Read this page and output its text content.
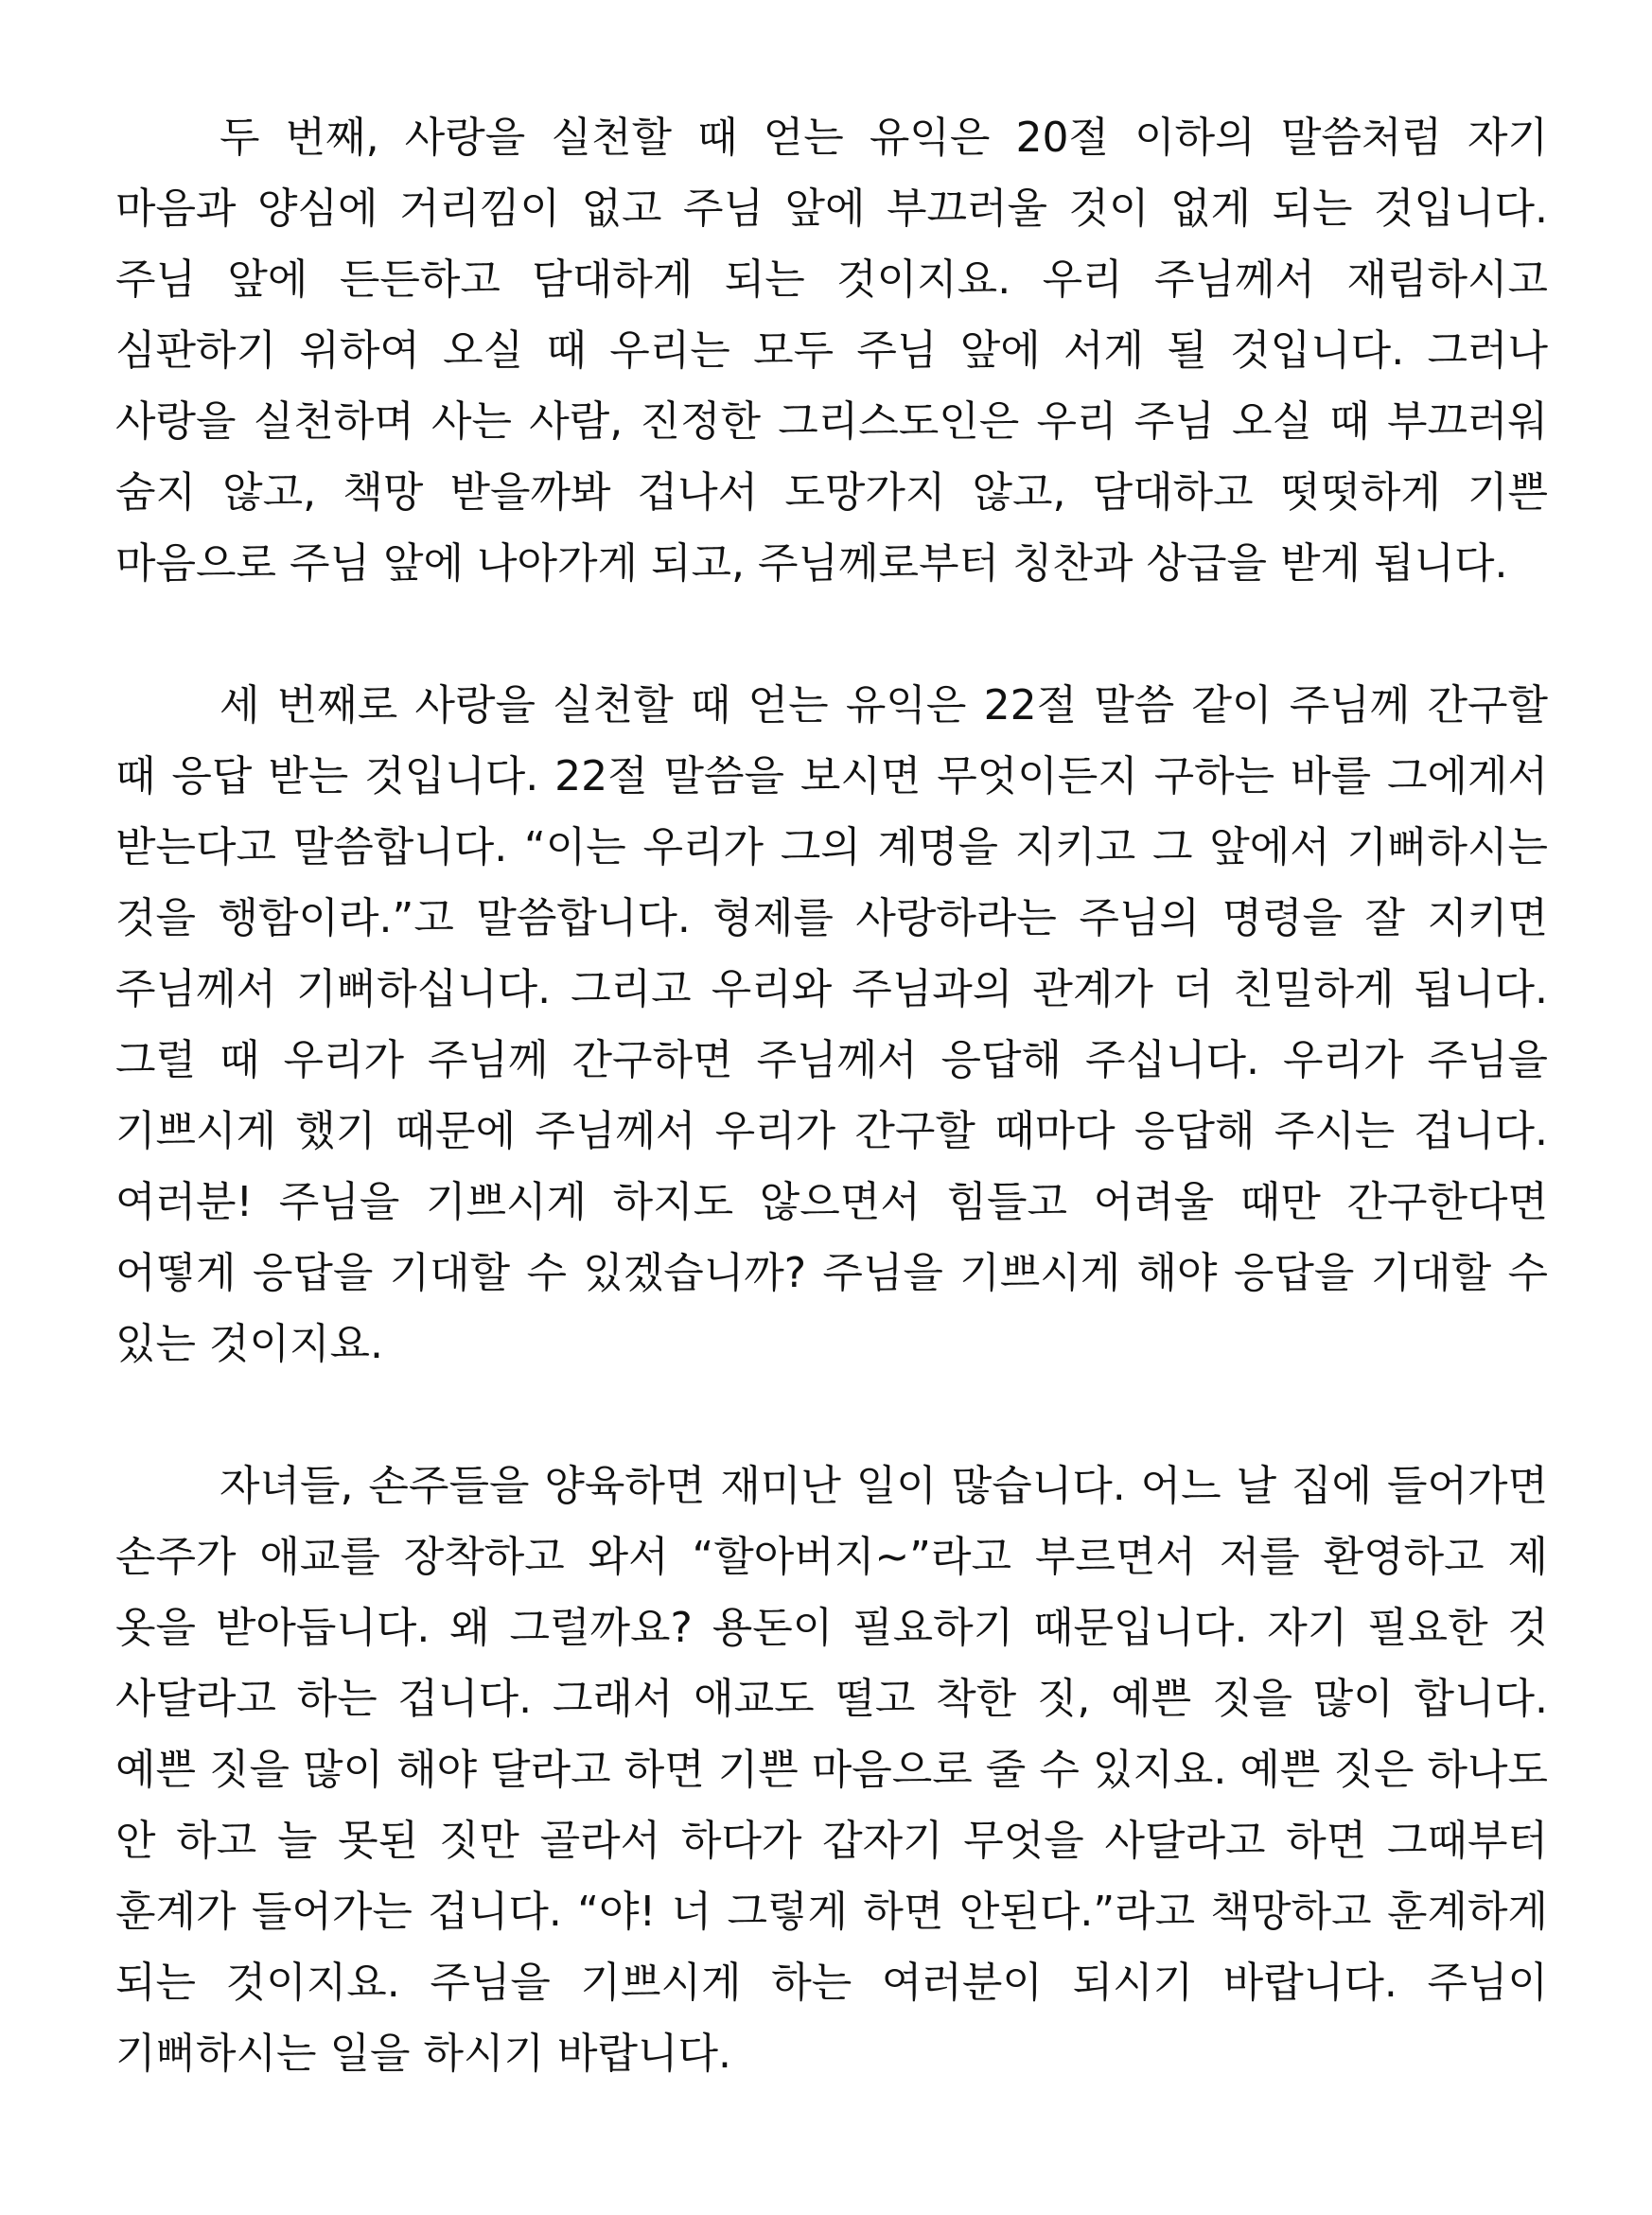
두 번째, 사랑을 실천할 때 얻는 유익은 20절 이하의 말씀처럼 자기 마음과 양심에 거리낌이 없고 주님 앞에 부끄러울 것이 없게 되는 것입니다. 주님 앞에 든든하고 담대하게 되는 것이지요. 우리 주님께서 재림하시고 심판하기 위하여 오실 때 우리는 모두 주님 앞에 서게 될 것입니다. 그러나 사랑을 실천하며 사는 사람, 진정한 그리스도인은 우리 주님 오실 때 부끄러워 숨지 않고, 책망 받을까봐 겁나서 도망가지 않고, 담대하고 떳떳하게 기쁜 마음으로 주님 앞에 나아가게 되고, 주님께로부터 칭찬과 상급을 받게 됩니다.

세 번째로 사랑을 실천할 때 얻는 유익은 22절 말씀 같이 주님께 간구할 때 응답 받는 것입니다. 22절 말씀을 보시면 무엇이든지 구하는 바를 그에게서 받는다고 말씀합니다. “이는 우리가 그의 계명을 지키고 그 앞에서 기뻐하시는 것을 행함이라.”고 말씀합니다. 형제를 사랑하라는 주님의 명령을 잘 지키면 주님께서 기뻐하십니다. 그리고 우리와 주님과의 관계가 더 친밀하게 됩니다. 그럴 때 우리가 주님께 간구하면 주님께서 응답해 주십니다. 우리가 주님을 기쁘시게 했기 때문에 주님께서 우리가 간구할 때마다 응답해 주시는 겁니다. 여러분! 주님을 기쁘시게 하지도 않으면서 힘들고 어려울 때만 간구한다면 어떻게 응답을 기대할 수 있겠습니까? 주님을 기쁘시게 해야 응답을 기대할 수 있는 것이지요.

자녀들, 손주들을 양육하면 재미난 일이 많습니다. 어느 날 집에 들어가면 손주가 애교를 장착하고 와서 “할아버지~”라고 부르면서 저를 환영하고 제 옷을 받아듭니다. 왜 그럴까요? 용돈이 필요하기 때문입니다. 자기 필요한 것 사달라고 하는 겁니다. 그래서 애교도 떨고 착한 짓, 예쁜 짓을 많이 합니다. 예쁜 짓을 많이 해야 달라고 하면 기쁜 마음으로 줄 수 있지요. 예쁜 짓은 하나도 안 하고 늘 못된 짓만 골라서 하다가 갑자기 무엇을 사달라고 하면 그때부터 훈계가 들어가는 겁니다. “야! 너 그렇게 하면 안된다.”라고 책망하고 훈계하게 되는 것이지요. 주님을 기쁘시게 하는 여러분이 되시기 바랍니다. 주님이 기뻐하시는 일을 하시기 바랍니다.
